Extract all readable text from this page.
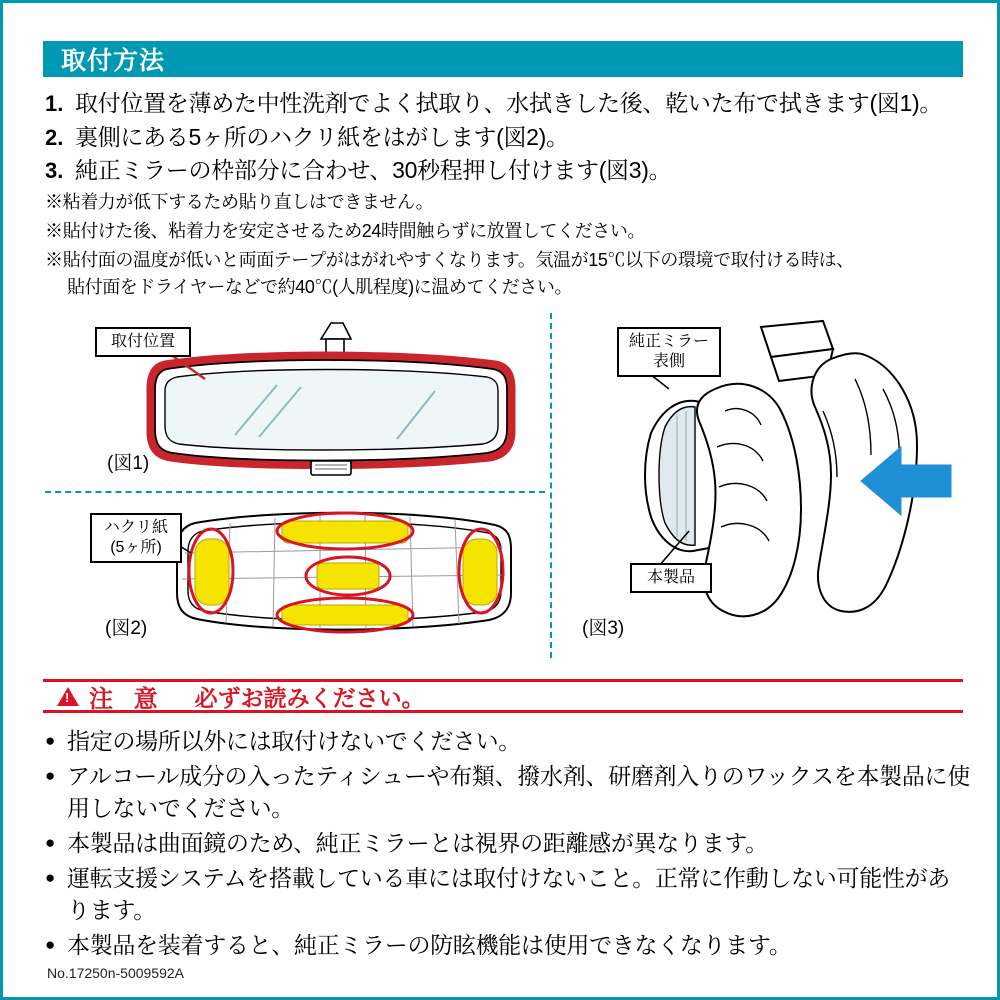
取付方法
1. 取付位置を薄めた中性洗剤でよく拭取り、水拭きした後、乾いた布で拭きます(図1)。
2. 裏側にある5ヶ所のハクリ紙をはがします(図2)。
3. 純正ミラーの枠部分に合わせ、30秒程押し付けます(図3)。
※粘着力が低下するため貼り直しはできません。
※貼付けた後、粘着力を安定させるため24時間触らずに放置してください。
※貼付面の温度が低いと両面テープがはがれやすくなります。気温が15℃以下の環境で取付ける時は、
貼付面をドライヤーなどで約40℃(人肌程度)に温めてください。
取付位置
(図1)
ハクリ紙
(5ヶ所)
(図2)
純正ミラー
表側
本製品
(図3)
!
注 意 必ずお読みください。
● 指定の場所以外には取付けないでください。
● アルコール成分の入ったティシューや布類、撥水剤、研磨剤入りのワックスを本製品に使用しないでください。
● 本製品は曲面鏡のため、純正ミラーとは視界の距離感が異なります。
● 運転支援システムを搭載している車には取付けないこと。正常に作動しない可能性があります。
● 本製品を装着すると、純正ミラーの防眩機能は使用できなくなります。
No.17250n-5009592A
